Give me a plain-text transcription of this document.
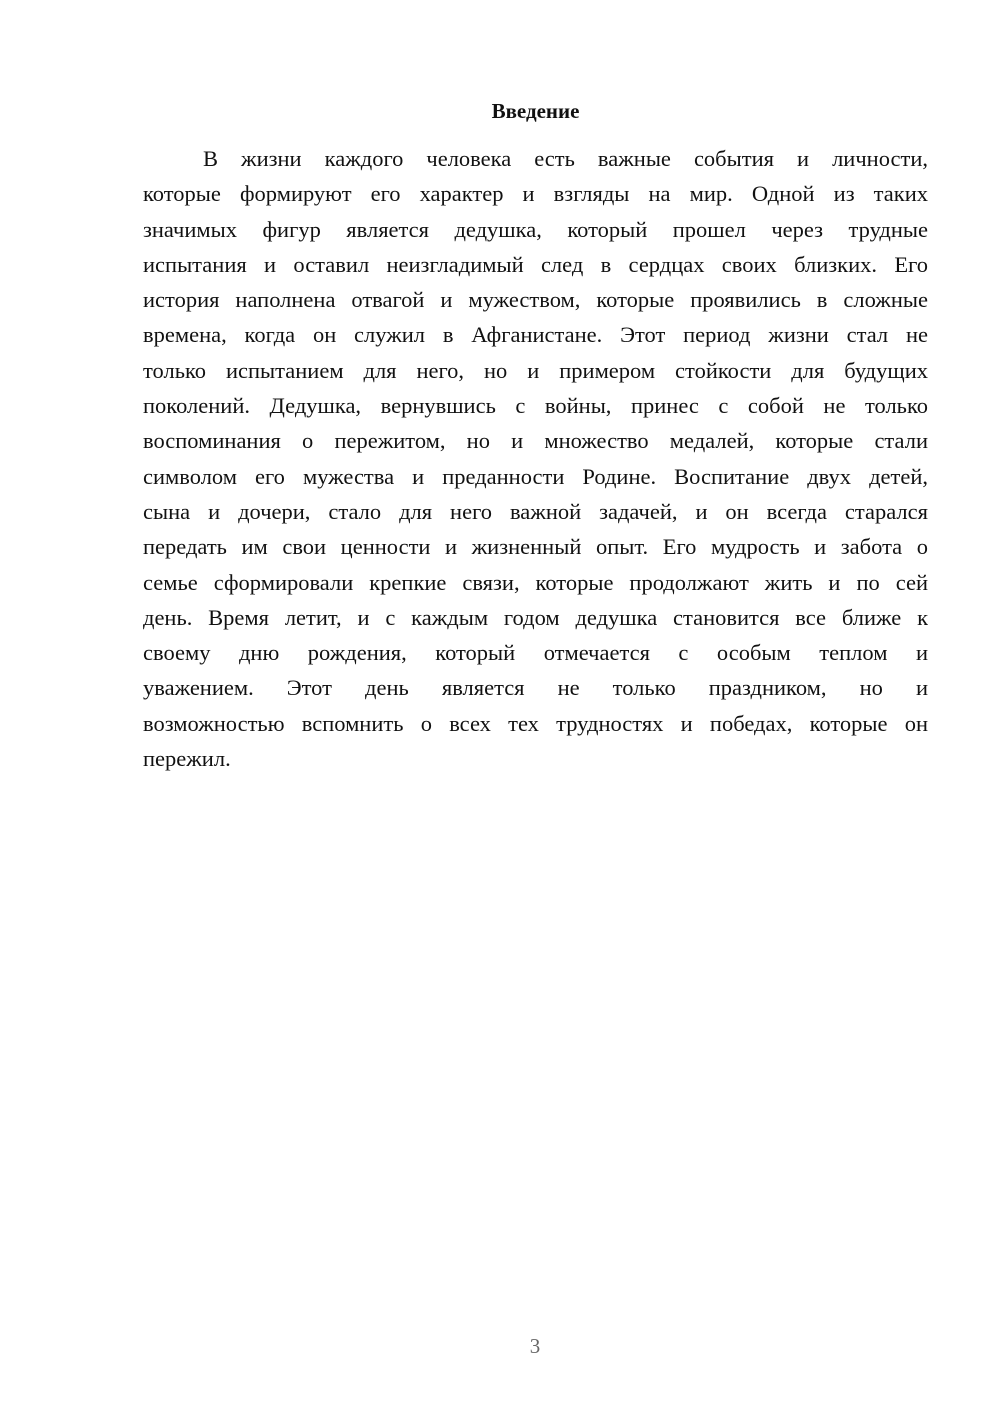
Введение
В жизни каждого человека есть важные события и личности,
которые формируют его характер и взгляды на мир. Одной из таких
значимых фигур является дедушка, который прошел через трудные
испытания и оставил неизгладимый след в сердцах своих близких. Его
история наполнена отвагой и мужеством, которые проявились в сложные
времена, когда он служил в Афганистане. Этот период жизни стал не
только испытанием для него, но и примером стойкости для будущих
поколений. Дедушка, вернувшись с войны, принес с собой не только
воспоминания о пережитом, но и множество медалей, которые стали
символом его мужества и преданности Родине. Воспитание двух детей,
сына и дочери, стало для него важной задачей, и он всегда старался
передать им свои ценности и жизненный опыт. Его мудрость и забота о
семье сформировали крепкие связи, которые продолжают жить и по сей
день. Время летит, и с каждым годом дедушка становится все ближе к
своему дню рождения, который отмечается с особым теплом и
уважением. Этот день является не только праздником, но и
возможностью вспомнить о всех тех трудностях и победах, которые он
пережил.
3
